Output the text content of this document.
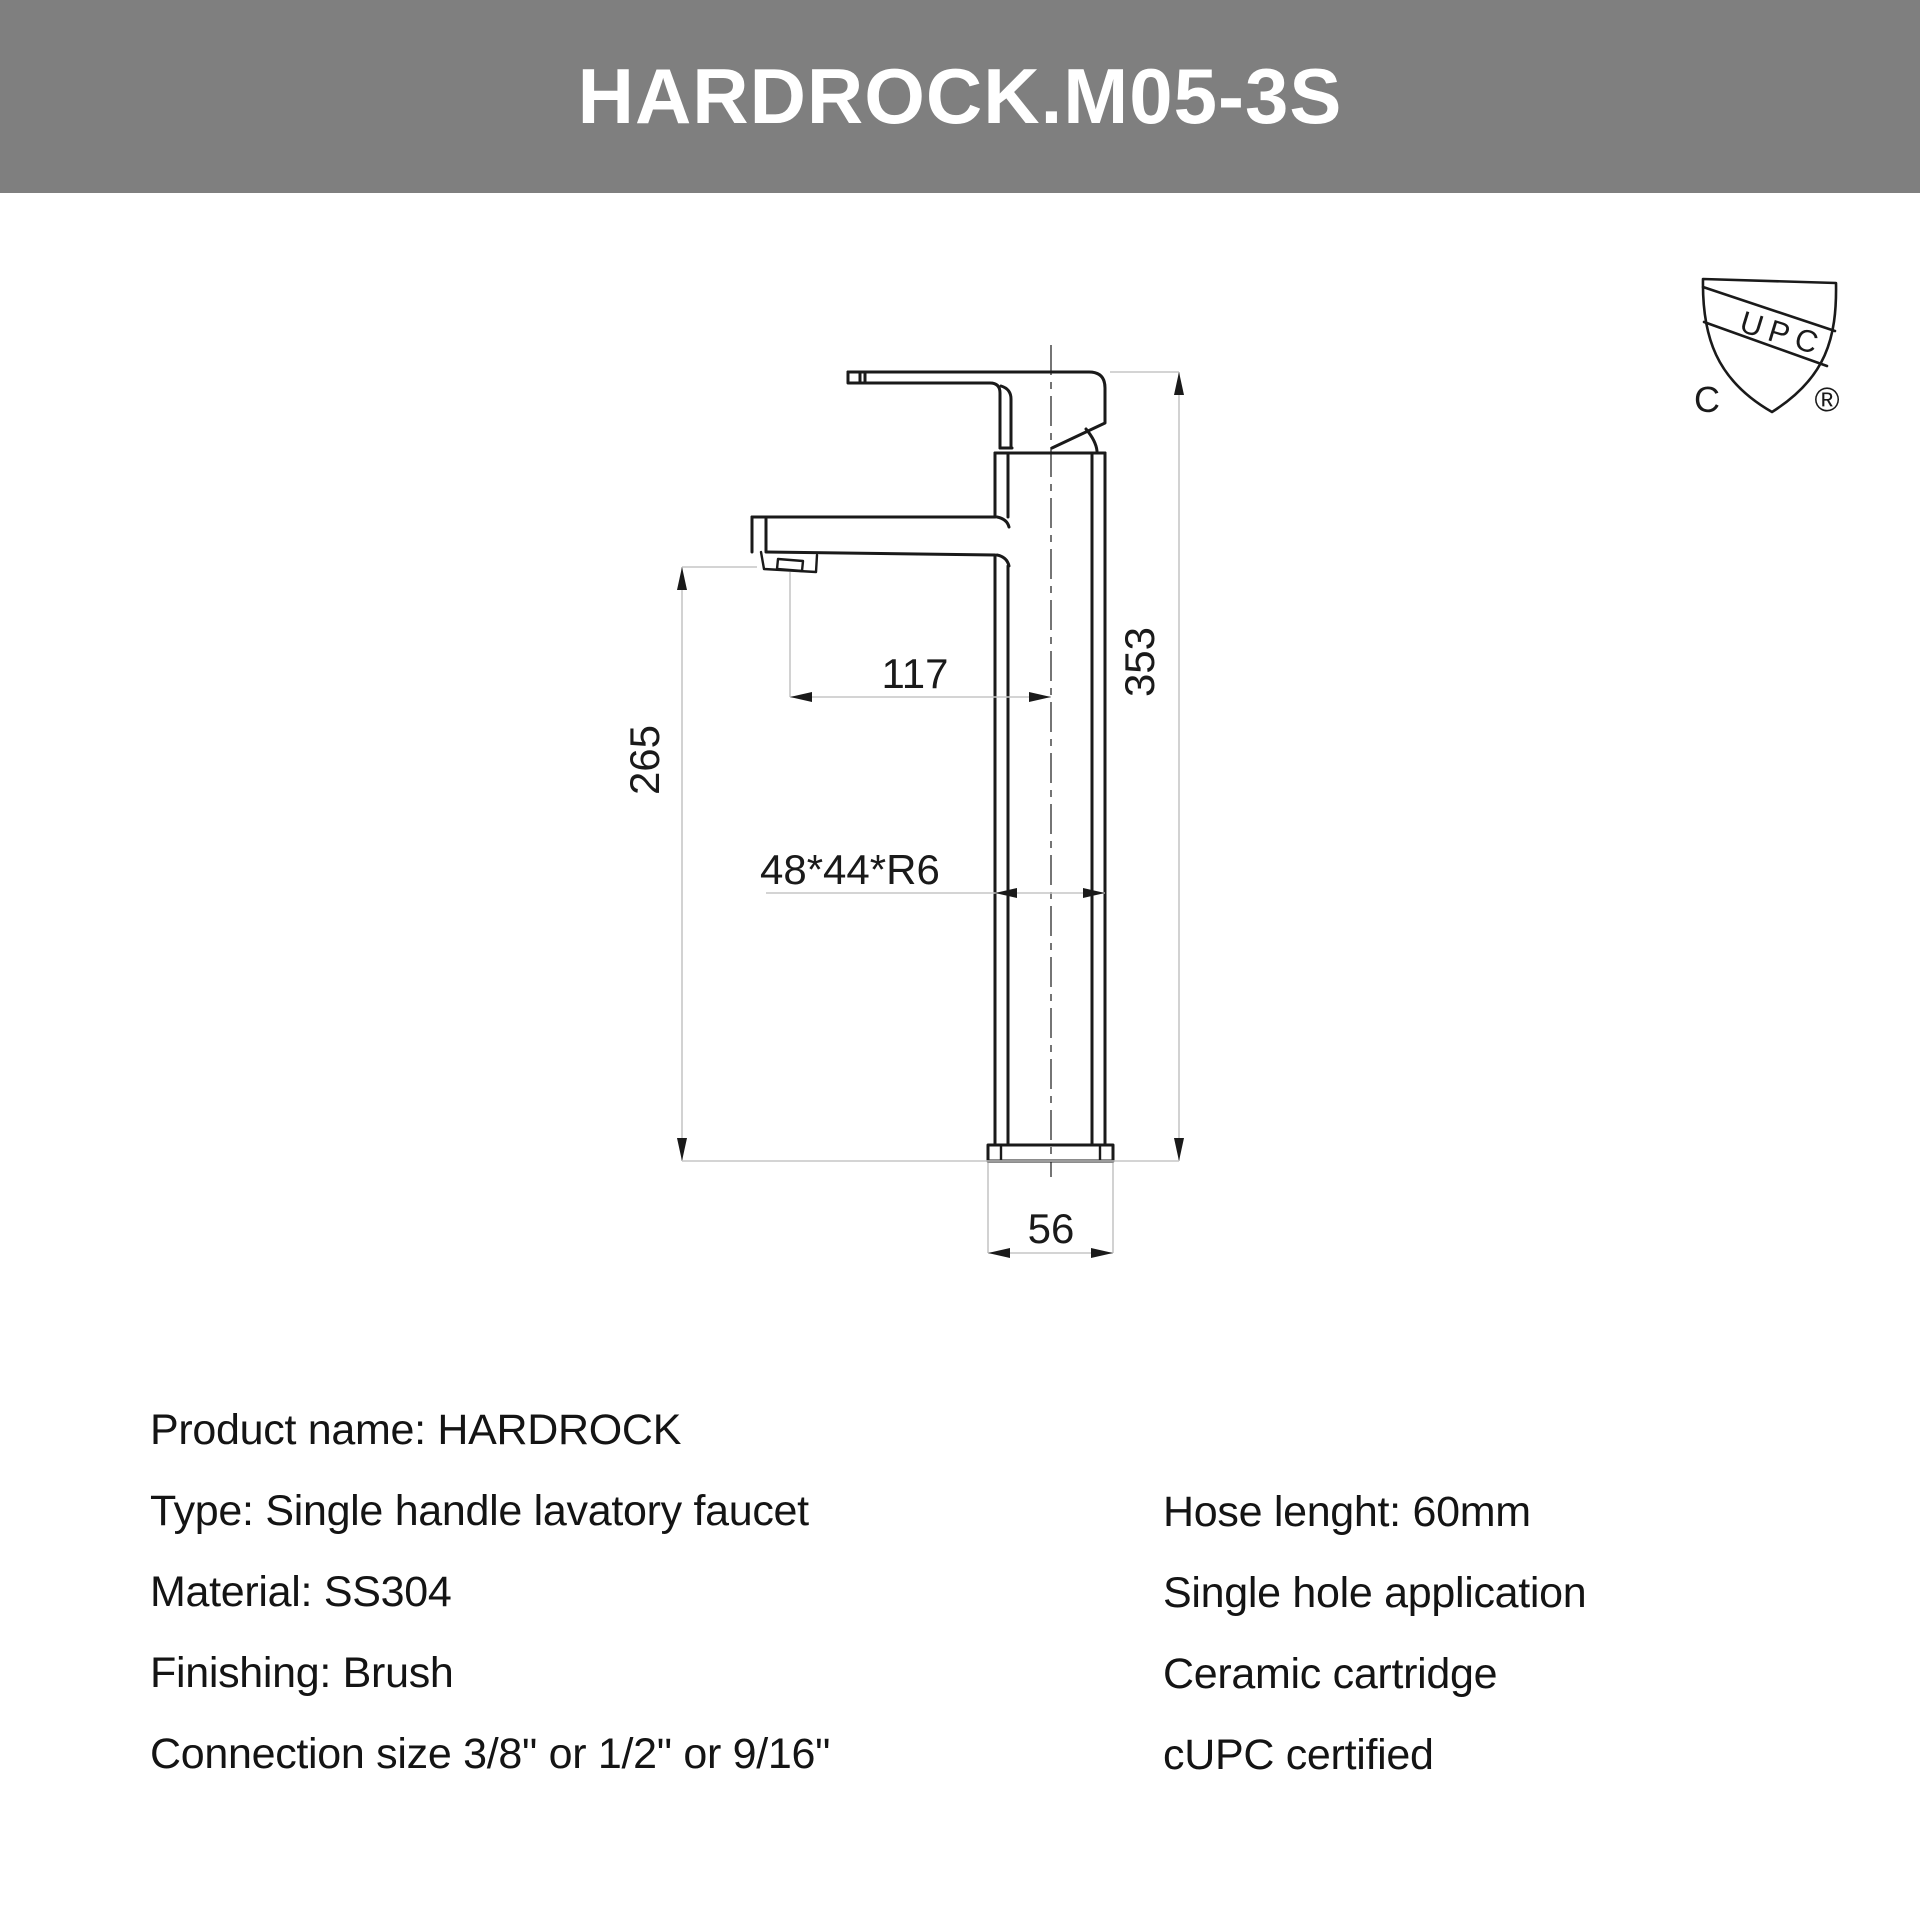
HARDROCK.M05-3S
UPC
C	®
117
265
353
48*44*R6
56
Product name: HARDROCK
Type: Single handle lavatory faucet
Material: SS304
Finishing: Brush
Connection size 3/8" or 1/2" or 9/16"
Hose lenght: 60mm
Single hole application
Ceramic cartridge
cUPC certified
